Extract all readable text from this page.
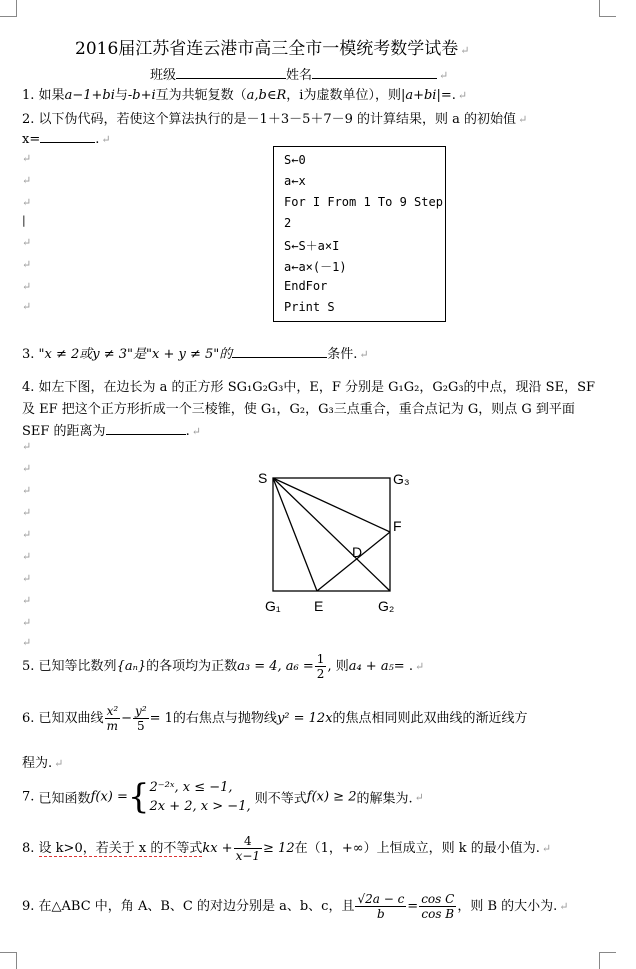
2016届江苏省连云港市高三全市一模统考数学试卷 ↵
班级	姓名	↵
1. 如果a−1+bi与-b+i互为共轭复数（a,b∈R，i为虚数单位），则|a+bi|=. ↵
2. 以下伪代码，若使这个算法执行的是－1＋3－5＋7－9 的计算结果，则 a 的初始值 ↵
x=	. ↵
↵
↵
↵
|
↵
↵
↵
↵
S←0
a←x
For I From 1 To 9 Step
2
S←S＋a×I
a←a×(－1)
EndFor
Print S
3. "x ≠ 2或y ≠ 3"是"x + y ≠ 5"的	条件. ↵
4. 如左下图，在边长为 a 的正方形 SG₁G₂G₃中，E，F 分别是 G₁G₂，G₂G₃的中点，现沿 SE，SF
及 EF 把这个正方形折成一个三棱锥，使 G₁，G₂，G₃三点重合，重合点记为 G，则点 G 到平面
SEF 的距离为	. ↵
↵
↵
↵
↵
↵
↵
↵
↵
↵
↵
S	G₃
F
D
G₁ E	G₂
5. 已知等比数列{aₙ}的各项均为正数a₃ = 4, $a_6 = \frac{1}{2}$ , 则a₄ + a₅= . ↵
6. 已知双曲线 $\frac{\text{x²}}{m} - \frac{\text{y²}}{5} = 1$的右焦点与抛物线y² = 12x的焦点相同则此双曲线的渐近线方
程为. ↵
7. 已知函数f(x) ={ 2⁻²ˣ, x ≤ −1,
2x + 2, x > −1, 则不等式f(x) ≥ 2的解集为. ↵
8. 设 k>0，若关于 x 的不等式kx + $\frac{4}{x-1} \ge 12$在（1，+∞）上恒成立，则 k 的最小值为. ↵
9. 在△ABC 中，角 A、B、C 的对边分别是 a、b、c，且 $\frac{√2a - c}{b} = \frac{\text{cos C}}{\text{cos B}}$ ，则 B 的大小为. ↵
